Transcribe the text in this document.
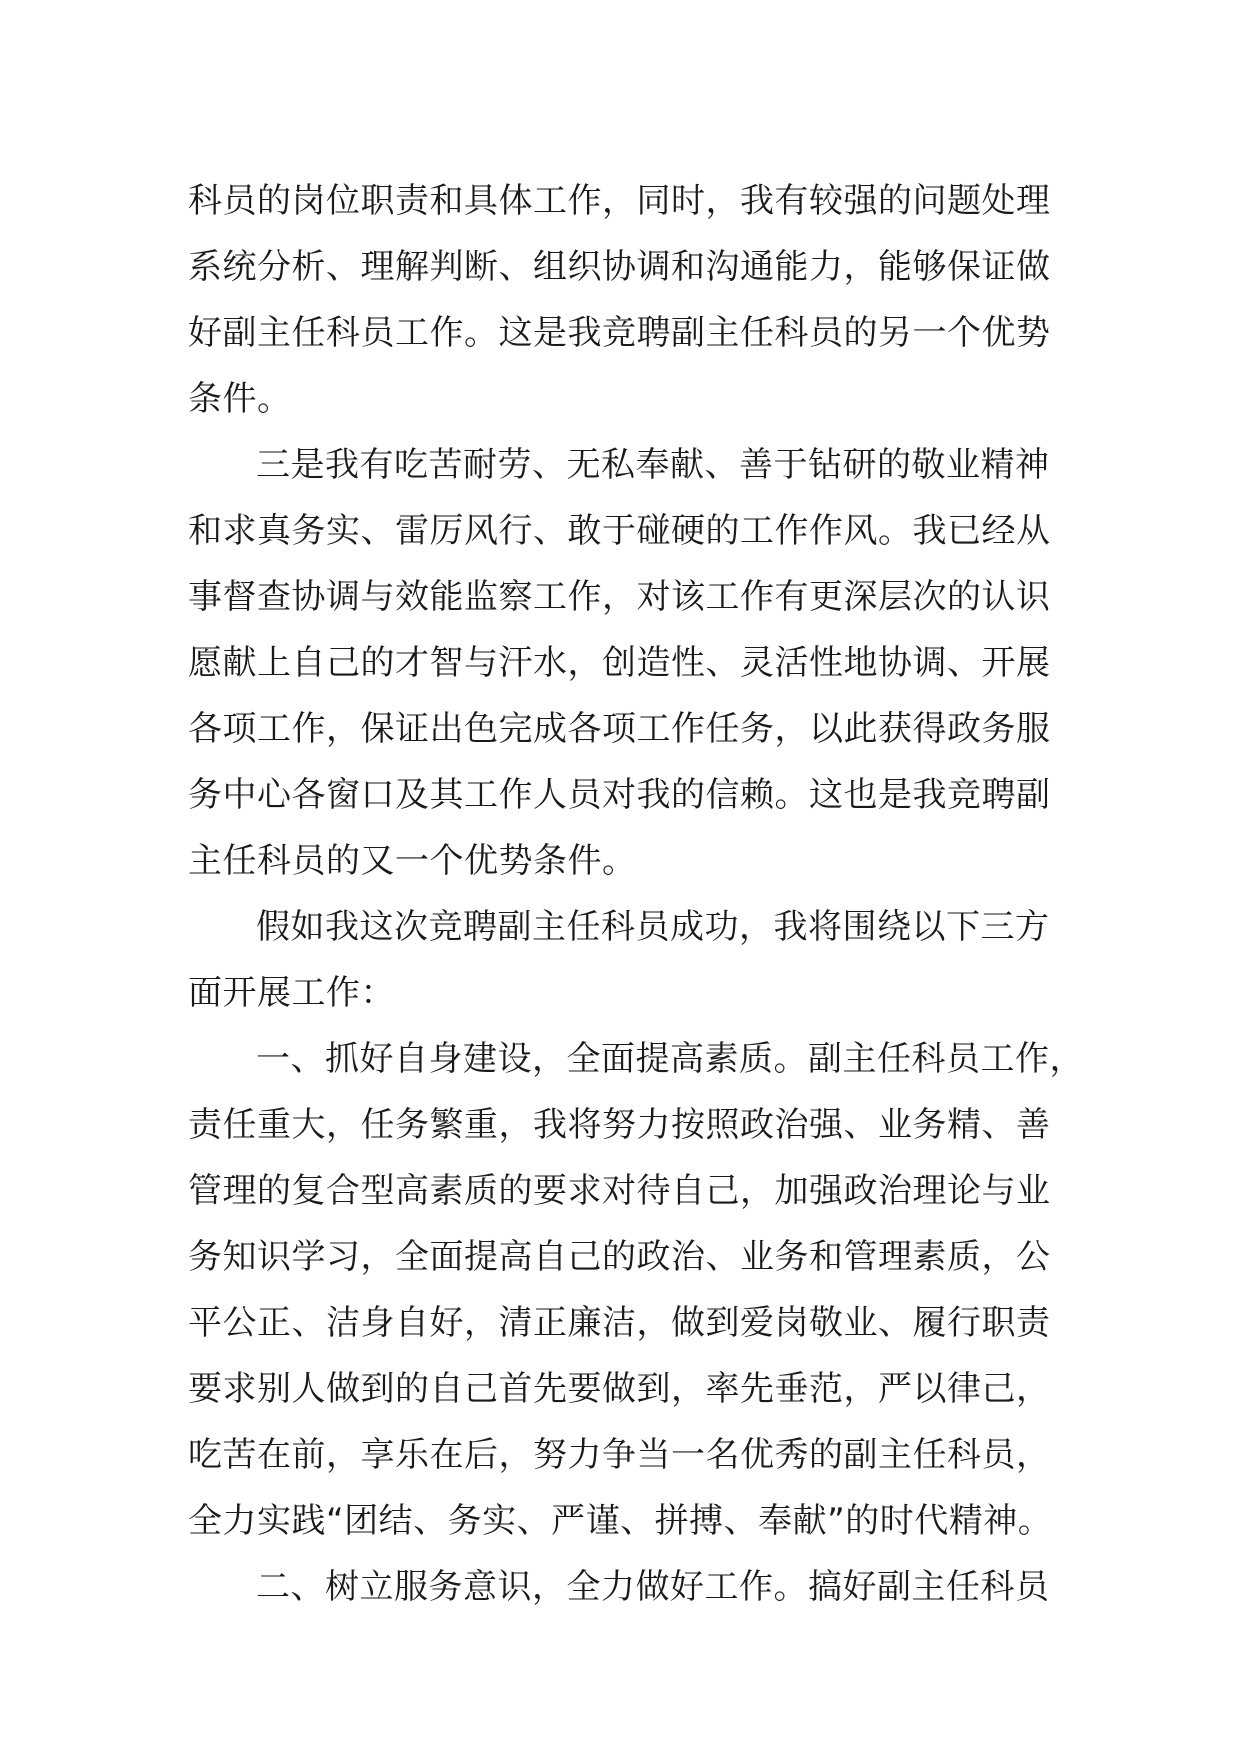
科员的岗位职责和具体工作，同时，我有较强的问题处理
系统分析、理解判断、组织协调和沟通能力，能够保证做
好副主任科员工作。这是我竞聘副主任科员的另一个优势
条件。
三是我有吃苦耐劳、无私奉献、善于钻研的敬业精神
和求真务实、雷厉风行、敢于碰硬的工作作风。我已经从
事督查协调与效能监察工作，对该工作有更深层次的认识
愿献上自己的才智与汗水，创造性、灵活性地协调、开展
各项工作，保证出色完成各项工作任务，以此获得政务服
务中心各窗口及其工作人员对我的信赖。这也是我竞聘副
主任科员的又一个优势条件。
假如我这次竞聘副主任科员成功，我将围绕以下三方
面开展工作：
一、抓好自身建设，全面提高素质。副主任科员工作，
责任重大，任务繁重，我将努力按照政治强、业务精、善
管理的复合型高素质的要求对待自己，加强政治理论与业
务知识学习，全面提高自己的政治、业务和管理素质，公
平公正、洁身自好，清正廉洁，做到爱岗敬业、履行职责
要求别人做到的自己首先要做到，率先垂范，严以律己，
吃苦在前，享乐在后，努力争当一名优秀的副主任科员，
全力实践“团结、务实、严谨、拼搏、奉献”的时代精神。
二、树立服务意识，全力做好工作。搞好副主任科员
